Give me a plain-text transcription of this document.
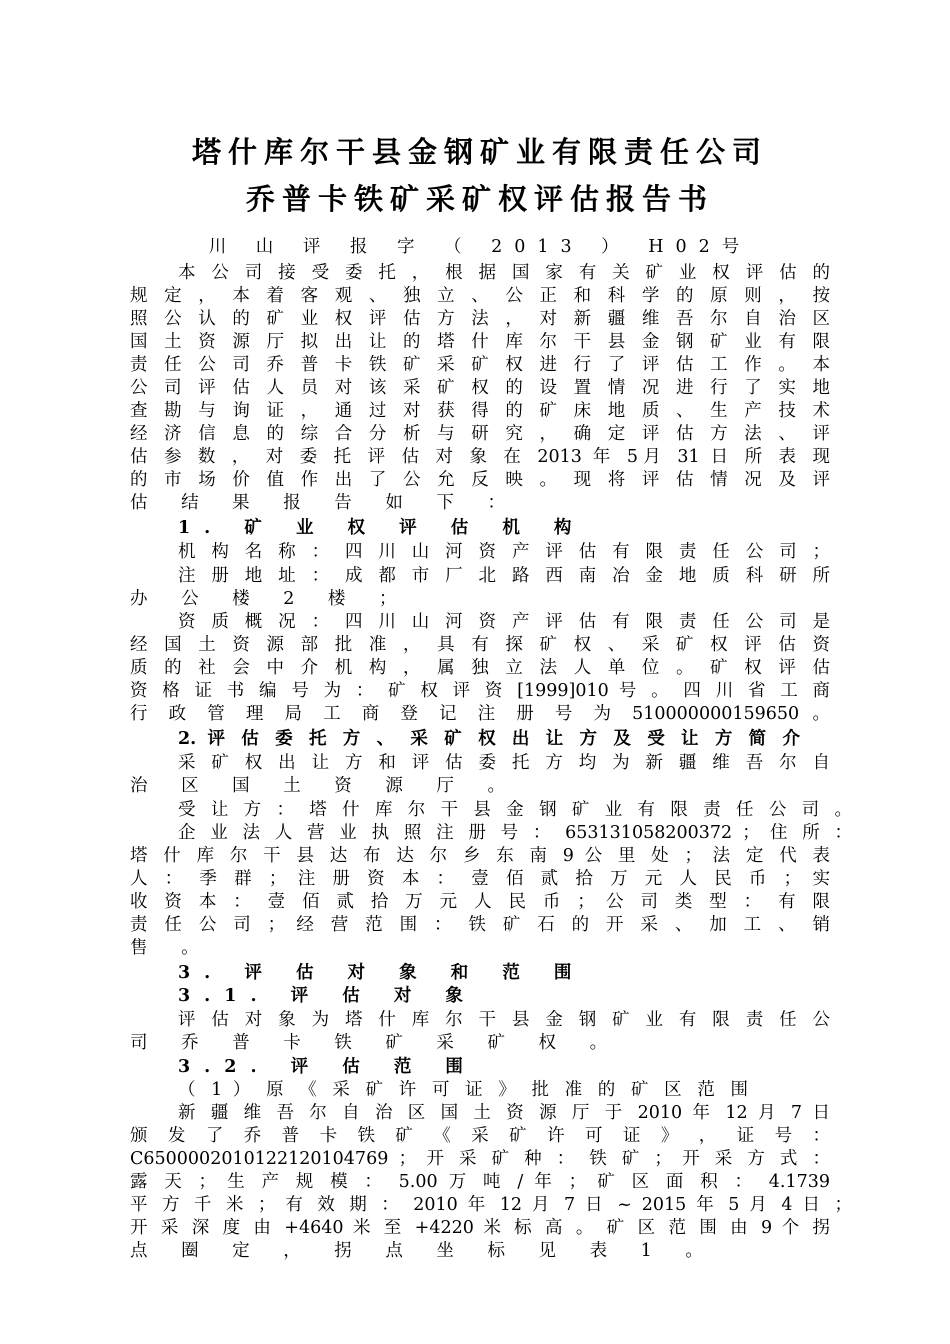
塔什库尔干县金钢矿业有限责任公司
乔普卡铁矿采矿权评估报告书
川 山 评 报 字 （ 2013 ） H02号
本 公 司 接 受 委 托 ， 根 据 国 家 有 关 矿 业 权 评 估 的
规 定 ， 本 着 客 观 、 独 立 、 公 正 和 科 学 的 原 则 ， 按
照 公 认 的 矿 业 权 评 估 方 法 ， 对 新 疆 维 吾 尔 自 治 区
国 土 资 源 厅 拟 出 让 的 塔 什 库 尔 干 县 金 钢 矿 业 有 限
责 任 公 司 乔 普 卡 铁 矿 采 矿 权 进 行 了 评 估 工 作 。 本
公 司 评 估 人 员 对 该 采 矿 权 的 设 置 情 况 进 行 了 实 地
查 勘 与 询 证 ， 通 过 对 获 得 的 矿 床 地 质 、 生 产 技 术
经 济 信 息 的 综 合 分 析 与 研 究 ， 确 定 评 估 方 法 、 评
估 参 数 ， 对 委 托 评 估 对 象 在 2013 年 5月 31 日 所 表 现
的 市 场 价 值 作 出 了 公 允 反 映 。 现 将 评 估 情 况 及 评
估 结 果 报 告 如 下 ：
1. 矿 业 权 评 估 机 构
机 构 名 称 ： 四 川 山 河 资 产 评 估 有 限 责 任 公 司 ；
注 册 地 址 ： 成 都 市 厂 北 路 西 南 冶 金 地 质 科 研 所
办 公 楼 2 楼 ；
资 质 概 况 ： 四 川 山 河 资 产 评 估 有 限 责 任 公 司 是
经 国 土 资 源 部 批 准 ， 具 有 探 矿 权 、 采 矿 权 评 估 资
质 的 社 会 中 介 机 构 ， 属 独 立 法 人 单 位 。 矿 权 评 估
资 格 证 书 编 号 为 ： 矿 权 评 资 [1999]010 号 。 四 川 省 工 商
行 政 管 理 局 工 商 登 记 注 册 号 为 510000000159650 。
2. 评 估 委 托 方 、 采 矿 权 出 让 方 及 受 让 方 简 介
采 矿 权 出 让 方 和 评 估 委 托 方 均 为 新 疆 维 吾 尔 自
治 区 国 土 资 源 厅 。
受 让 方 ： 塔 什 库 尔 干 县 金 钢 矿 业 有 限 责 任 公 司 。
企 业 法 人 营 业 执 照 注 册 号 ： 653131058200372 ； 住 所 ：
塔 什 库 尔 干 县 达 布 达 尔 乡 东 南 9 公 里 处 ； 法 定 代 表
人 ： 季 群 ； 注 册 资 本 ： 壹 佰 贰 拾 万 元 人 民 币 ； 实
收 资 本 ： 壹 佰 贰 拾 万 元 人 民 币 ； 公 司 类 型 ： 有 限
责 任 公 司 ； 经 营 范 围 ： 铁 矿 石 的 开 采 、 加 工 、 销
售 。
3. 评 估 对 象 和 范 围
3.1. 评 估 对 象
评 估 对 象 为 塔 什 库 尔 干 县 金 钢 矿 业 有 限 责 任 公
司 乔 普 卡 铁 矿 采 矿 权 。
3.2. 评 估 范 围
（ 1 ） 原 《 采 矿 许 可 证 》 批 准 的 矿 区 范 围
新 疆 维 吾 尔 自 治 区 国 土 资 源 厅 于 2010 年 12 月 7 日
颁 发 了 乔 普 卡 铁 矿 《 采 矿 许 可 证 》 ， 证 号 ：
C6500002010122120104769 ； 开 采 矿 种 ： 铁 矿 ； 开 采 方 式 ：
露 天 ； 生 产 规 模 ： 5.00 万 吨 / 年 ； 矿 区 面 积 ： 4.1739
平 方 千 米 ； 有 效 期 ： 2010 年 12 月 7 日 ~ 2015 年 5 月 4 日 ；
开 采 深 度 由 +4640 米 至 +4220 米 标 高 。 矿 区 范 围 由 9 个 拐
点 圈 定 ， 拐 点 坐 标 见 表 1 。
